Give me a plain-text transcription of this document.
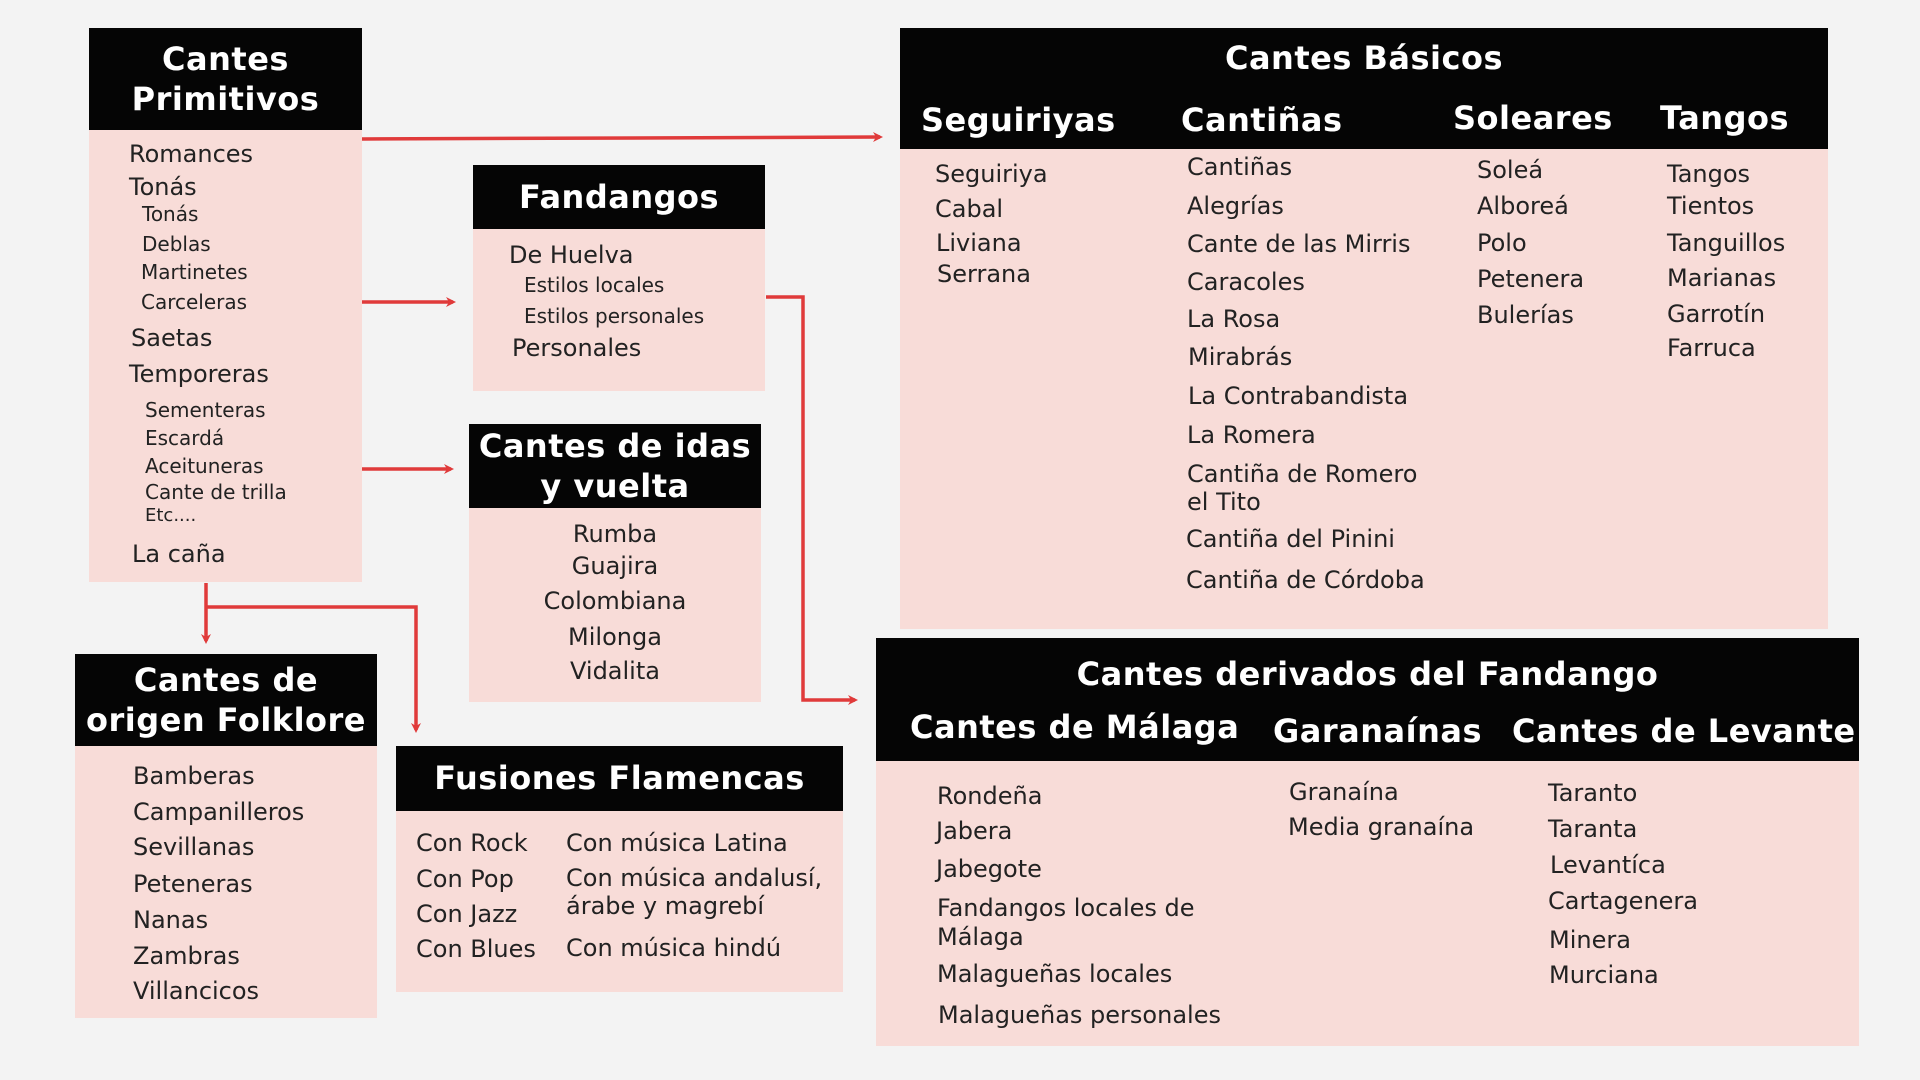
Cantes
Primitivos
Romances
Tonás
Tonás
Deblas
Martinetes
Carceleras
Saetas
Temporeras
Sementeras
Escardá
Aceituneras
Cante de trilla
Etc....
La caña
Fandangos
De Huelva
Estilos locales
Estilos personales
Personales
Cantes de idas
y vuelta
Rumba
Guajira
Colombiana
Milonga
Vidalita
Cantes de
origen Folklore
Bamberas
Campanilleros
Sevillanas
Peteneras
Nanas
Zambras
Villancicos
Fusiones Flamencas
Con Rock
Con Pop
Con Jazz
Con Blues
Con música Latina
Con música andalusí,
árabe y magrebí
Con música hindú
Cantes Básicos
Seguiriyas Cantiñas	Soleares Tangos
Seguiriya
Cabal
Liviana
Serrana
Cantiñas
Alegrías
Cante de las Mirris
Caracoles
La Rosa
Mirabrás
La Contrabandista
La Romera
Cantiña de Romero
el Tito
Cantiña del Pinini
Cantiña de Córdoba
Soleá
Alboreá
Polo
Petenera
Bulerías
Tangos
Tientos
Tanguillos
Marianas
Garrotín
Farruca
Cantes derivados del Fandango
Cantes de Málaga Garanaínas Cantes de Levante
Rondeña
Jabera
Jabegote
Fandangos locales de
Málaga
Malagueñas locales
Malagueñas personales
Granaína
Media granaína
Taranto
Taranta
Levantíca
Cartagenera
Minera
Murciana
